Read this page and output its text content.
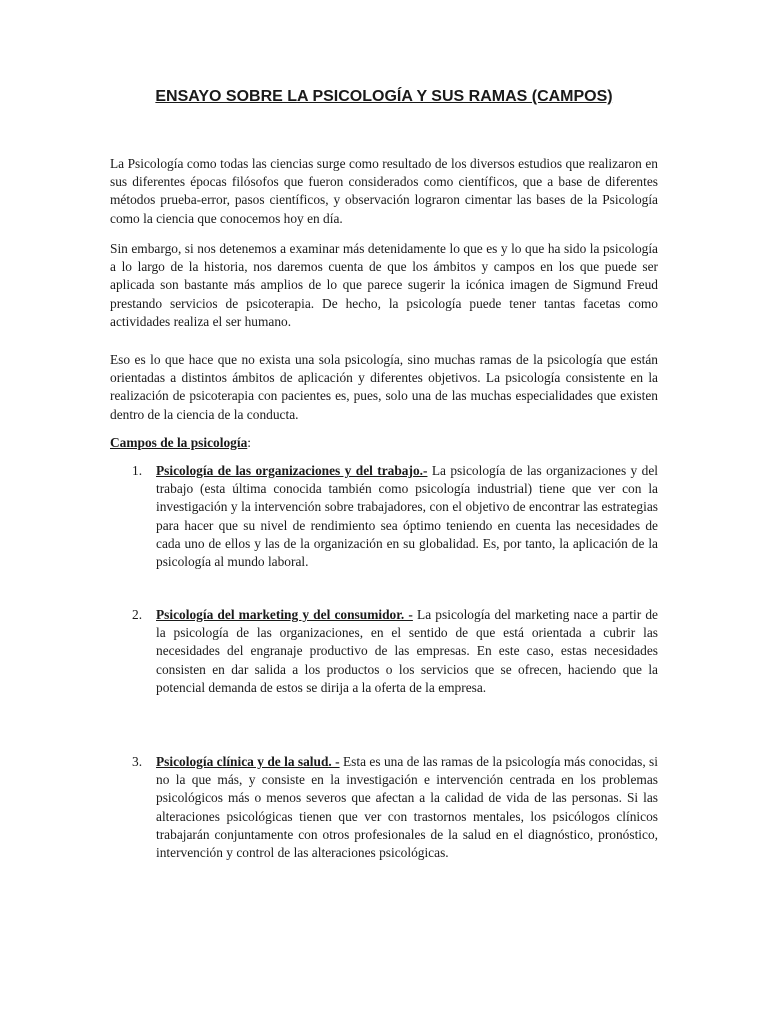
ENSAYO SOBRE LA PSICOLOGÍA Y SUS RAMAS (CAMPOS)

La Psicología como todas las ciencias surge como resultado de los diversos estudios que realizaron en sus diferentes épocas filósofos que fueron considerados como científicos, que a base de diferentes métodos prueba-error, pasos científicos, y observación lograron cimentar las bases de la Psicología como la ciencia que conocemos hoy en día.

Sin embargo, si nos detenemos a examinar más detenidamente lo que es y lo que ha sido la psicología a lo largo de la historia, nos daremos cuenta de que los ámbitos y campos en los que puede ser aplicada son bastante más amplios de lo que parece sugerir la icónica imagen de Sigmund Freud prestando servicios de psicoterapia. De hecho, la psicología puede tener tantas facetas como actividades realiza el ser humano.

Eso es lo que hace que no exista una sola psicología, sino muchas ramas de la psicología que están orientadas a distintos ámbitos de aplicación y diferentes objetivos. La psicología consistente en la realización de psicoterapia con pacientes es, pues, solo una de las muchas especialidades que existen dentro de la ciencia de la conducta.

Campos de la psicología:

1. Psicología de las organizaciones y del trabajo.- La psicología de las organizaciones y del trabajo (esta última conocida también como psicología industrial) tiene que ver con la investigación y la intervención sobre trabajadores, con el objetivo de encontrar las estrategias para hacer que su nivel de rendimiento sea óptimo teniendo en cuenta las necesidades de cada uno de ellos y las de la organización en su globalidad. Es, por tanto, la aplicación de la psicología al mundo laboral.

2. Psicología del marketing y del consumidor. - La psicología del marketing nace a partir de la psicología de las organizaciones, en el sentido de que está orientada a cubrir las necesidades del engranaje productivo de las empresas. En este caso, estas necesidades consisten en dar salida a los productos o los servicios que se ofrecen, haciendo que la potencial demanda de estos se dirija a la oferta de la empresa.

3. Psicología clínica y de la salud. - Esta es una de las ramas de la psicología más conocidas, si no la que más, y consiste en la investigación e intervención centrada en los problemas psicológicos más o menos severos que afectan a la calidad de vida de las personas. Si las alteraciones psicológicas tienen que ver con trastornos mentales, los psicólogos clínicos trabajarán conjuntamente con otros profesionales de la salud en el diagnóstico, pronóstico, intervención y control de las alteraciones psicológicas.
